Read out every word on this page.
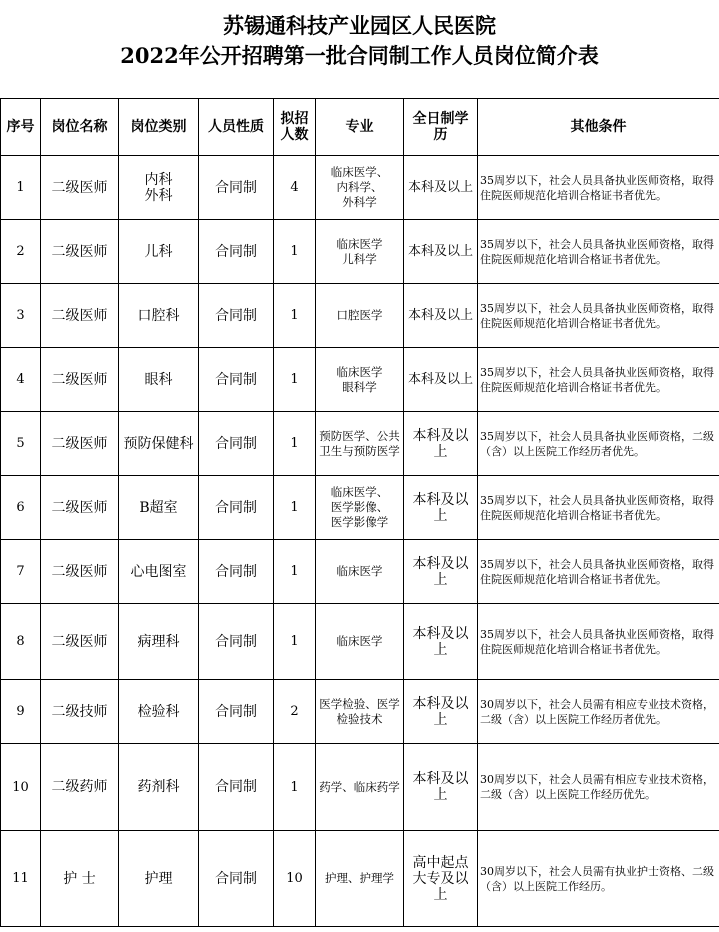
苏锡通科技产业园区人民医院
2022年公开招聘第一批合同制工作人员岗位简介表
序号	岗位名称	岗位类别	人员性质	拟招
人数	专业	全日制学
历	其他条件
1	二级医师	内科
外科	合同制	4	临床医学、
内科学、
外科学	本科及以上	35周岁以下，社会人员具备执业医师资格，取得住院医师规范化培训合格证书者优先。
2	二级医师	儿科	合同制	1	临床医学
儿科学	本科及以上	35周岁以下，社会人员具备执业医师资格，取得住院医师规范化培训合格证书者优先。
3	二级医师	口腔科	合同制	1	口腔医学	本科及以上	35周岁以下，社会人员具备执业医师资格，取得住院医师规范化培训合格证书者优先。
4	二级医师	眼科	合同制	1	临床医学
眼科学	本科及以上	35周岁以下，社会人员具备执业医师资格，取得住院医师规范化培训合格证书者优先。
5	二级医师	预防保健科	合同制	1	预防医学、公共卫生与预防医学	本科及以
上	35周岁以下，社会人员具备执业医师资格，二级（含）以上医院工作经历者优先。
6	二级医师	B超室	合同制	1	临床医学、
医学影像、
医学影像学	本科及以
上	35周岁以下，社会人员具备执业医师资格，取得住院医师规范化培训合格证书者优先。
7	二级医师	心电图室	合同制	1	临床医学	本科及以
上	35周岁以下，社会人员具备执业医师资格，取得住院医师规范化培训合格证书者优先。
8	二级医师	病理科	合同制	1	临床医学	本科及以
上	35周岁以下，社会人员具备执业医师资格，取得住院医师规范化培训合格证书者优先。
9	二级技师	检验科	合同制	2	医学检验、医学检验技术	本科及以
上	30周岁以下，社会人员需有相应专业技术资格，二级（含）以上医院工作经历者优先。
10	二级药师	药剂科	合同制	1	药学、临床药学	本科及以
上	30周岁以下，社会人员需有相应专业技术资格，二级（含）以上医院工作经历优先。
11	护 士	护理	合同制	10	护理、护理学	高中起点
大专及以
上	30周岁以下，社会人员需有执业护士资格、二级（含）以上医院工作经历。
